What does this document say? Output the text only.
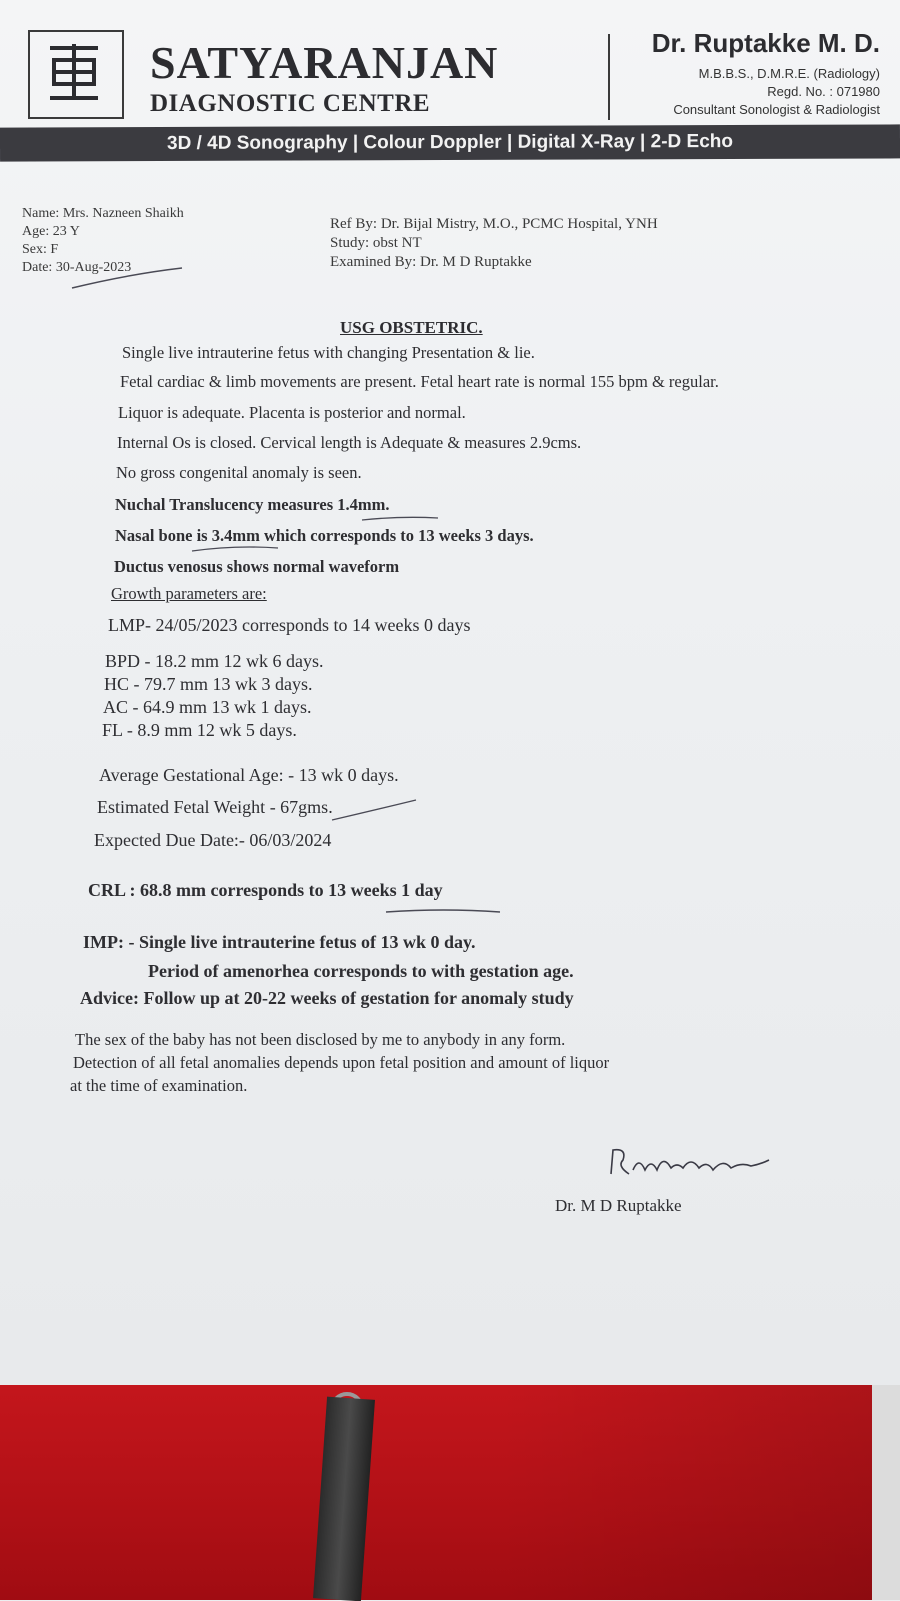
SATYARANJAN
DIAGNOSTIC CENTRE
Dr. Ruptakke M. D.
M.B.B.S., D.M.R.E. (Radiology)
Regd. No. : 071980
Consultant Sonologist & Radiologist
3D / 4D Sonography | Colour Doppler | Digital X-Ray | 2-D Echo
Name: Mrs. Nazneen Shaikh
Age: 23 Y
Sex: F
Date: 30-Aug-2023
Ref By: Dr. Bijal Mistry, M.O., PCMC Hospital, YNH
Study: obst NT
Examined By: Dr. M D Ruptakke
USG OBSTETRIC.
Single live intrauterine fetus with changing Presentation & lie.
Fetal cardiac & limb movements are present. Fetal heart rate is normal 155 bpm & regular.
Liquor is adequate. Placenta is posterior and normal.
Internal Os is closed. Cervical length is Adequate & measures 2.9cms.
No gross congenital anomaly is seen.
Nuchal Translucency measures 1.4mm.
Nasal bone is 3.4mm which corresponds to 13 weeks 3 days.
Ductus venosus shows normal waveform
Growth parameters are:
LMP- 24/05/2023 corresponds to 14 weeks 0 days
BPD - 18.2 mm 12 wk 6 days.
HC - 79.7 mm 13 wk 3 days.
AC - 64.9 mm 13 wk 1 days.
FL - 8.9 mm 12 wk 5 days.
Average Gestational Age: - 13 wk 0 days.
Estimated Fetal Weight - 67gms.
Expected Due Date:- 06/03/2024
CRL : 68.8 mm corresponds to 13 weeks 1 day
IMP: - Single live intrauterine fetus of 13 wk 0 day.
Period of amenorhea corresponds to with gestation age.
Advice: Follow up at 20-22 weeks of gestation for anomaly study
The sex of the baby has not been disclosed by me to anybody in any form.
Detection of all fetal anomalies depends upon fetal position and amount of liquor
at the time of examination.
Dr. M D Ruptakke
